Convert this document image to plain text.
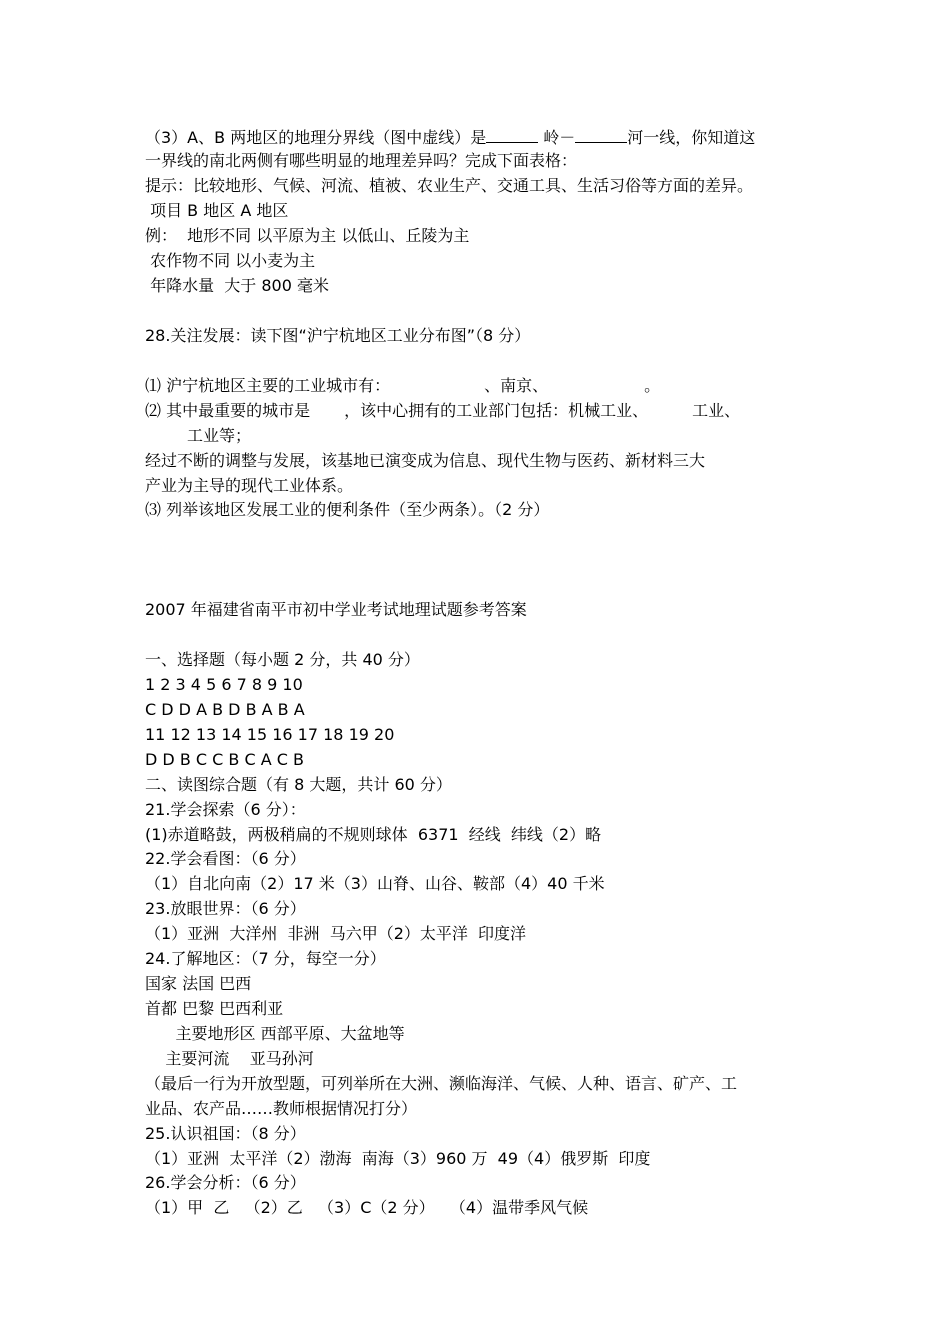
（3）A、B 两地区的地理分界线（图中虚线）是	岭－	河一线，你知道这
一界线的南北两侧有哪些明显的地理差异吗？完成下面表格：
提示：比较地形、气候、河流、植被、农业生产、交通工具、生活习俗等方面的差异。
项目 B 地区 A 地区
例：  地形不同 以平原为主 以低山、丘陵为主
农作物不同 以小麦为主
年降水量  大于 800 毫米
28.关注发展：读下图“沪宁杭地区工业分布图”（8 分）
⑴ 沪宁杭地区主要的工业城市有：	、南京、	。
⑵ 其中最重要的城市是 ，该中心拥有的工业部门包括：机械工业、	工业、
工业等；
经过不断的调整与发展，该基地已演变成为信息、现代生物与医药、新材料三大
产业为主导的现代工业体系。
⑶ 列举该地区发展工业的便利条件（至少两条）。（2 分）
2007 年福建省南平市初中学业考试地理试题参考答案
一、选择题（每小题 2 分，共 40 分）
1 2 3 4 5 6 7 8 9 10
C D D A B D B A B A
11 12 13 14 15 16 17 18 19 20
D D B C C B C A C B
二、读图综合题（有 8 大题，共计 60 分）
21.学会探索（6 分）：
(1)赤道略鼓，两极稍扁的不规则球体  6371  经线  纬线（2）略
22.学会看图：（6 分）
（1）自北向南（2）17 米（3）山脊、山谷、鞍部（4）40 千米
23.放眼世界：（6 分）
（1）亚洲  大洋州  非洲  马六甲（2）太平洋  印度洋
24.了解地区：（7 分，每空一分）
国家 法国 巴西
首都 巴黎 巴西利亚
主要地形区 西部平原、大盆地等
主要河流    亚马孙河
（最后一行为开放型题，可列举所在大洲、濒临海洋、气候、人种、语言、矿产、工
业品、农产品……教师根据情况打分）
25.认识祖国：（8 分）
（1）亚洲  太平洋（2）渤海  南海（3）960 万  49（4）俄罗斯  印度
26.学会分析：（6 分）
（1）甲  乙   （2）乙   （3）C（2 分）   （4）温带季风气候
